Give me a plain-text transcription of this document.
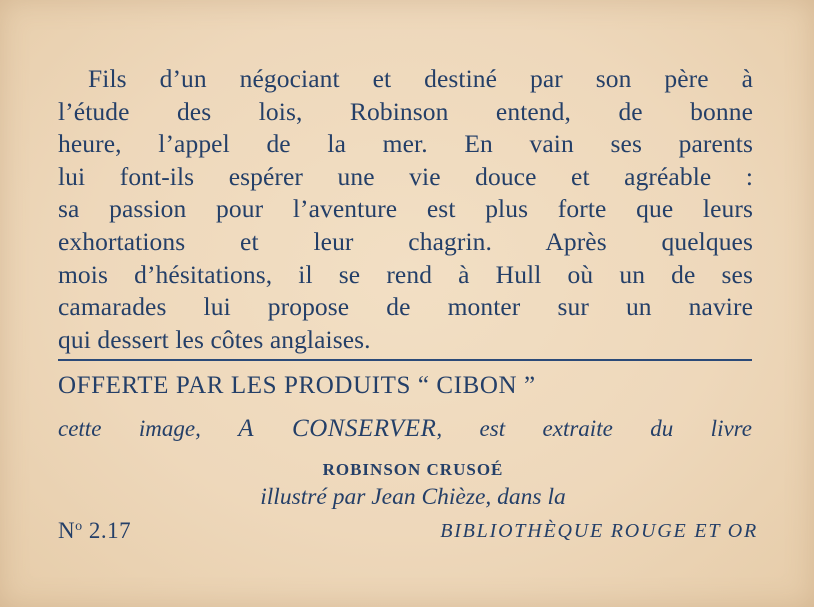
Fils d’un négociant et destiné par son père à
l’étude des lois, Robinson entend, de bonne
heure, l’appel de la mer. En vain ses parents
lui font-ils espérer une vie douce et agréable :
sa passion pour l’aventure est plus forte que leurs
exhortations et leur chagrin. Après quelques
mois d’hésitations, il se rend à Hull où un de ses
camarades lui propose de monter sur un navire
qui dessert les côtes anglaises.
OFFERTE PAR LES PRODUITS “ CIBON ”
cette image, A CONSERVER, est extraite du livre
ROBINSON CRUSOÉ
illustré par Jean Chièze, dans la
$N^o$ 2.17	BIBLIOTHÈQUE ROUGE ET OR
